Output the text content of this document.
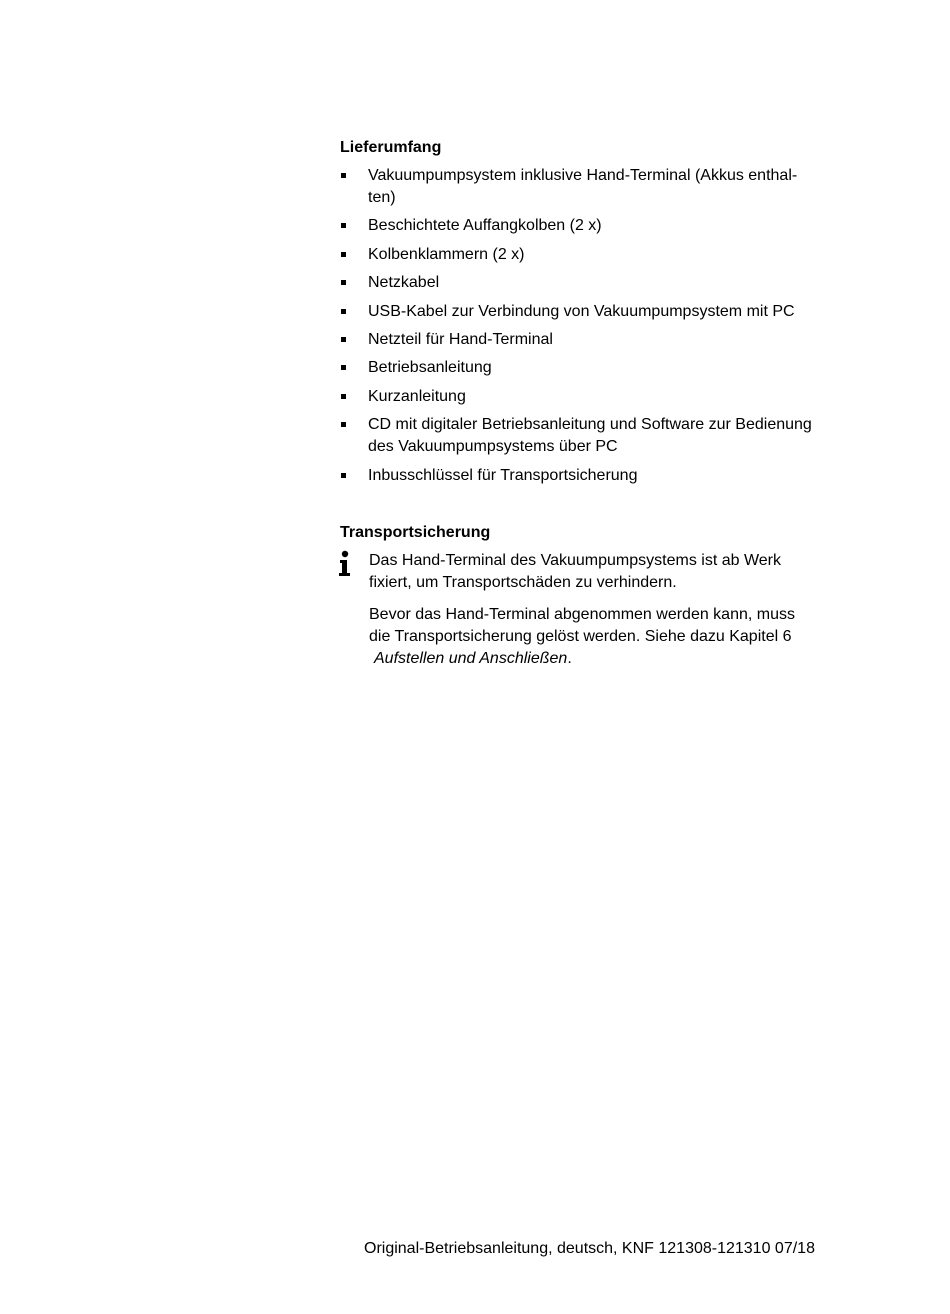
Lieferumfang
Vakuumpumpsystem inklusive Hand-Terminal (Akkus enthal-
ten)
Beschichtete Auffangkolben (2 x)
Kolbenklammern (2 x)
Netzkabel
USB-Kabel zur Verbindung von Vakuumpumpsystem mit PC
Netzteil für Hand-Terminal
Betriebsanleitung
Kurzanleitung
CD mit digitaler Betriebsanleitung und Software zur Bedienung
des Vakuumpumpsystems über PC
Inbusschlüssel für Transportsicherung
Transportsicherung

Das Hand-Terminal des Vakuumpumpsystems ist ab Werk
fixiert, um Transportschäden zu verhindern.

Bevor das Hand-Terminal abgenommen werden kann, muss
die Transportsicherung gelöst werden. Siehe dazu Kapitel 6
Aufstellen und Anschließen.

Original-Betriebsanleitung, deutsch, KNF 121308-121310 07/18
